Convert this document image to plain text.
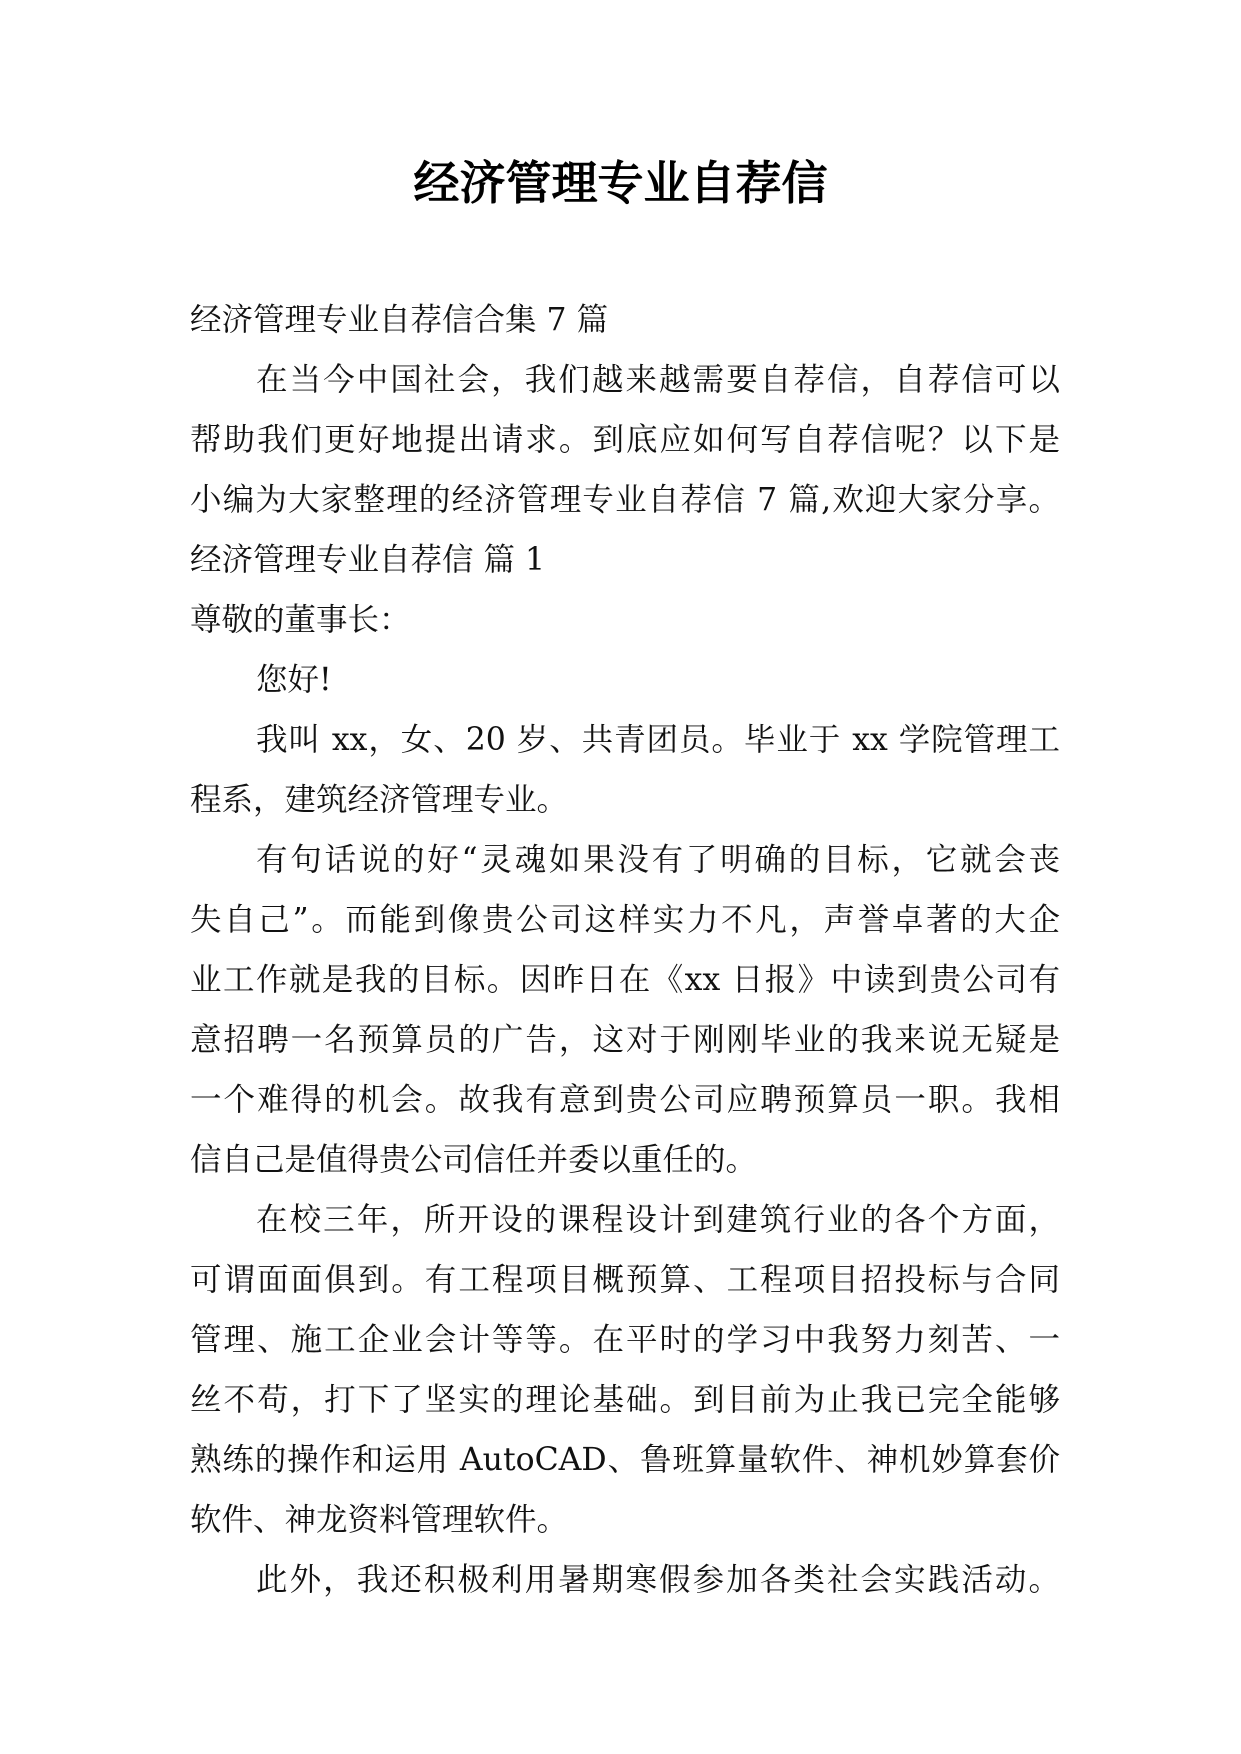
经济管理专业自荐信
经济管理专业自荐信合集 7 篇
在当今中国社会，我们越来越需要自荐信，自荐信可以
帮助我们更好地提出请求。到底应如何写自荐信呢？以下是
小编为大家整理的经济管理专业自荐信 7 篇,欢迎大家分享。
经济管理专业自荐信 篇 1
尊敬的董事长：
您好!
我叫 xx，女、20 岁、共青团员。毕业于 xx 学院管理工
程系，建筑经济管理专业。
有句话说的好“灵魂如果没有了明确的目标，它就会丧
失自己”。而能到像贵公司这样实力不凡，声誉卓著的大企
业工作就是我的目标。因昨日在《xx 日报》中读到贵公司有
意招聘一名预算员的广告，这对于刚刚毕业的我来说无疑是
一个难得的机会。故我有意到贵公司应聘预算员一职。我相
信自己是值得贵公司信任并委以重任的。
在校三年，所开设的课程设计到建筑行业的各个方面，
可谓面面俱到。有工程项目概预算、工程项目招投标与合同
管理、施工企业会计等等。在平时的学习中我努力刻苦、一
丝不苟，打下了坚实的理论基础。到目前为止我已完全能够
熟练的操作和运用 AutoCAD、鲁班算量软件、神机妙算套价
软件、神龙资料管理软件。
此外，我还积极利用暑期寒假参加各类社会实践活动。
